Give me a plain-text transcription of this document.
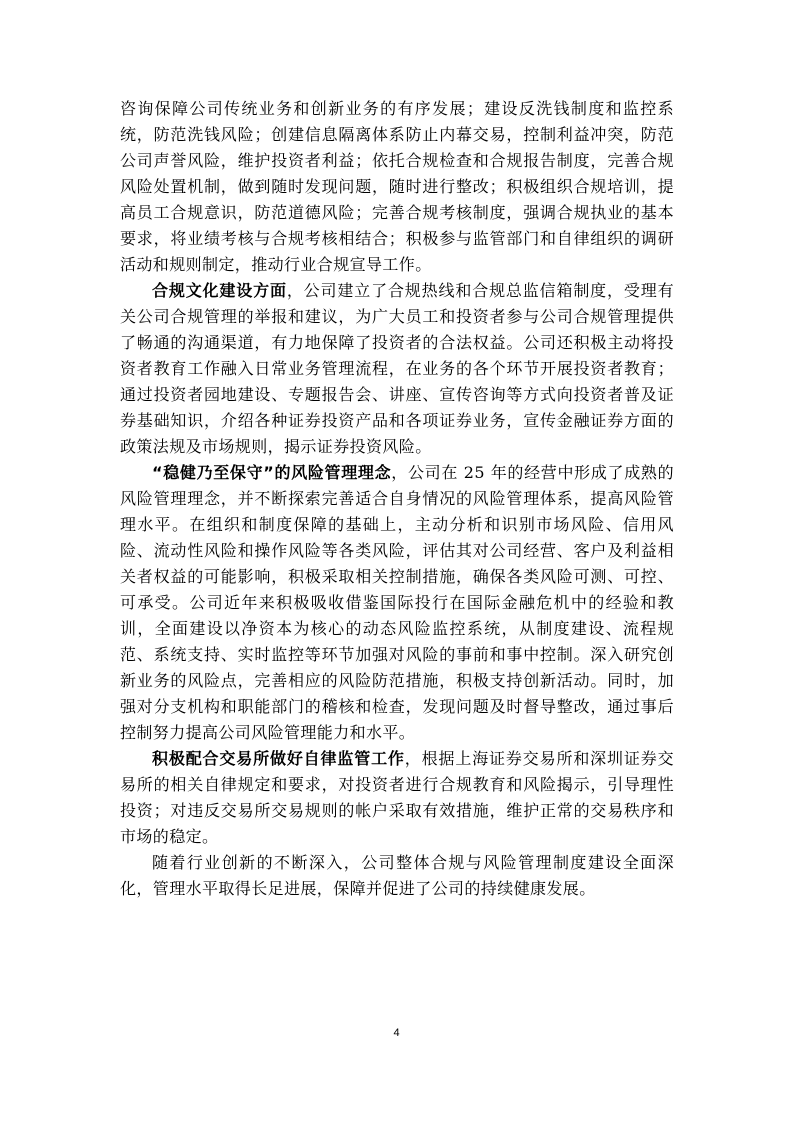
咨询保障公司传统业务和创新业务的有序发展；建设反洗钱制度和监控系统，防范洗钱风险；创建信息隔离体系防止内幕交易，控制利益冲突，防范公司声誉风险，维护投资者利益；依托合规检查和合规报告制度，完善合规风险处置机制，做到随时发现问题，随时进行整改；积极组织合规培训，提高员工合规意识，防范道德风险；完善合规考核制度，强调合规执业的基本要求，将业绩考核与合规考核相结合；积极参与监管部门和自律组织的调研活动和规则制定，推动行业合规宣导工作。

合规文化建设方面，公司建立了合规热线和合规总监信箱制度，受理有关公司合规管理的举报和建议，为广大员工和投资者参与公司合规管理提供了畅通的沟通渠道，有力地保障了投资者的合法权益。公司还积极主动将投资者教育工作融入日常业务管理流程，在业务的各个环节开展投资者教育；通过投资者园地建设、专题报告会、讲座、宣传咨询等方式向投资者普及证券基础知识，介绍各种证券投资产品和各项证券业务，宣传金融证券方面的政策法规及市场规则，揭示证券投资风险。

“稳健乃至保守”的风险管理理念，公司在 25 年的经营中形成了成熟的风险管理理念，并不断探索完善适合自身情况的风险管理体系，提高风险管理水平。在组织和制度保障的基础上，主动分析和识别市场风险、信用风险、流动性风险和操作风险等各类风险，评估其对公司经营、客户及利益相关者权益的可能影响，积极采取相关控制措施，确保各类风险可测、可控、可承受。公司近年来积极吸收借鉴国际投行在国际金融危机中的经验和教训，全面建设以净资本为核心的动态风险监控系统，从制度建设、流程规范、系统支持、实时监控等环节加强对风险的事前和事中控制。深入研究创新业务的风险点，完善相应的风险防范措施，积极支持创新活动。同时，加强对分支机构和职能部门的稽核和检查，发现问题及时督导整改，通过事后控制努力提高公司风险管理能力和水平。

积极配合交易所做好自律监管工作，根据上海证券交易所和深圳证券交易所的相关自律规定和要求，对投资者进行合规教育和风险揭示，引导理性投资；对违反交易所交易规则的帐户采取有效措施，维护正常的交易秩序和市场的稳定。

随着行业创新的不断深入，公司整体合规与风险管理制度建设全面深化，管理水平取得长足进展，保障并促进了公司的持续健康发展。

4
